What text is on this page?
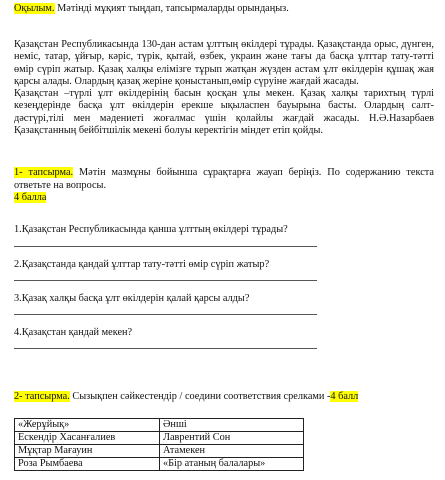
Оқылым. Мәтінді мұқият тыңдап, тапсырмаларды орындаңыз.

Қазақстан Республикасында 130-дан астам ұлттың өкілдері тұрады. Қазақстанда орыс, дүнген, неміс, татар, ұйғыр, кәріс, түрік, қытай, өзбек, украин және тағы да басқа ұлттар тату-тәтті өмір сүріп жатыр. Қазақ халқы елімізге тұрып жатқан жүзден астам ұлт өкілдерін құшақ жая қарсы алады. Олардың қазақ жеріне қоныстанып,өмір сүруіне жағдай жасады.

Қазақстан –түрлі ұлт өкілдерінің басын қосқан ұлы мекен. Қазақ халқы тарихтың түрлі кезеңдерінде басқа ұлт өкілдерін ерекше ықыласпен бауырына басты. Олардың салт-дәстүрі,тілі мен мәдениеті жоғалмас үшін қолайлы жағдай жасады. Н.Ә.Назарбаев Қазақстанның бейбітшілік мекені болуы керектігін міндет етіп қойды.

1- тапсырма. Мәтін мазмұны бойынша сұрақтарға жауап беріңіз. По содержанию текста ответьте на вопросы.

4 балла

1.Қазақстан Республикасында қанша ұлттың өкілдері тұрады?

2.Қазақстанда қандай ұлттар тату-тәтті өмір сүріп жатыр?

3.Қазақ халқы басқа ұлт өкілдерін қалай қарсы алды?

4.Қазақстан қандай мекен?

2- тапсырма. Сызықпен сәйкестендір / соедини соответствия срелками -4 балл

«Жерұйық»	Әнші
Ескендір Хасанғалиев	Лаврентий Сон
Мұқтар Мағауин	Атамекен
Роза Рымбаева	«Бір атаның балалары»
